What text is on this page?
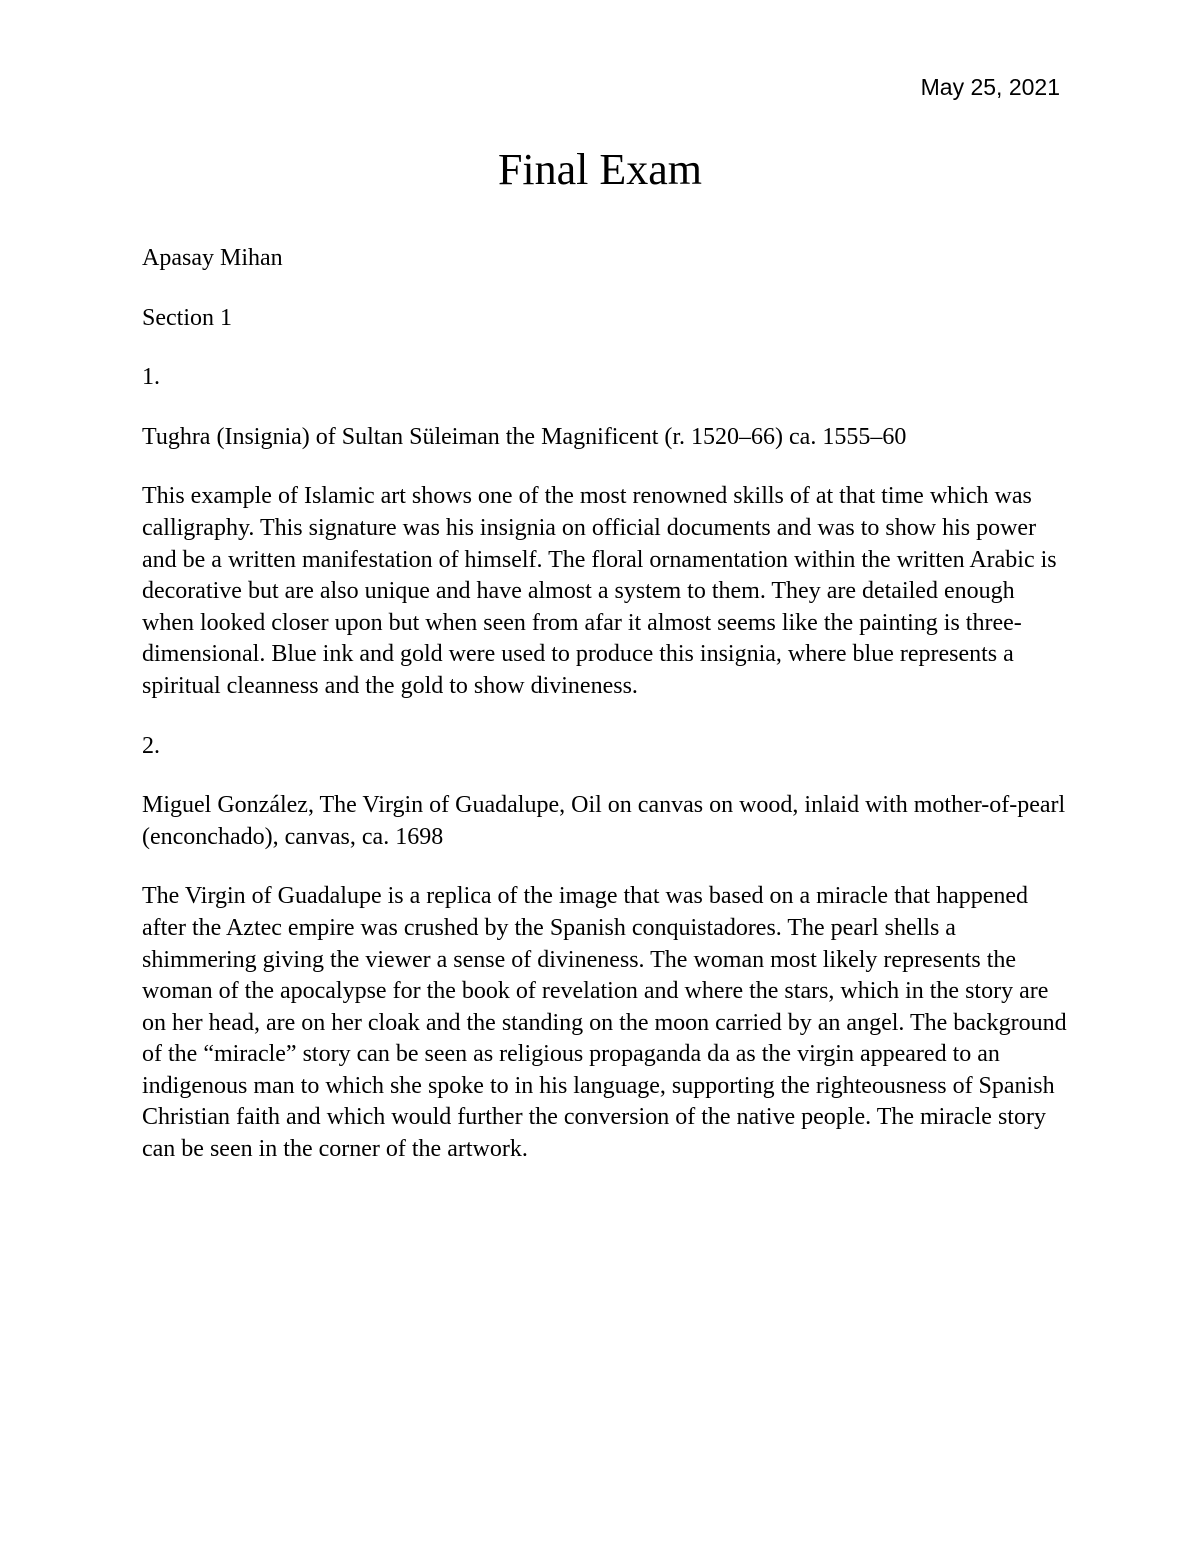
May 25, 2021
Final Exam

Apasay Mihan

Section 1

1.

Tughra (Insignia) of Sultan Süleiman the Magnificent (r. 1520–66) ca. 1555–60

This example of Islamic art shows one of the most renowned skills of at that time which was calligraphy. This signature was his insignia on official documents and was to show his power and be a written manifestation of himself. The floral ornamentation within the written Arabic is decorative but are also unique and have almost a system to them. They are detailed enough when looked closer upon but when seen from afar it almost seems like the painting is three-dimensional. Blue ink and gold were used to produce this insignia, where blue represents a spiritual cleanness and the gold to show divineness.

2.

Miguel González, The Virgin of Guadalupe, Oil on canvas on wood, inlaid with mother-of-pearl (enconchado), canvas, ca. 1698

The Virgin of Guadalupe is a replica of the image that was based on a miracle that happened after the Aztec empire was crushed by the Spanish conquistadores. The pearl shells a shimmering giving the viewer a sense of divineness. The woman most likely represents the woman of the apocalypse for the book of revelation and where the stars, which in the story are on her head, are on her cloak and the standing on the moon carried by an angel. The background of the “miracle” story can be seen as religious propaganda da as the virgin appeared to an indigenous man to which she spoke to in his language, supporting the righteousness of Spanish Christian faith and which would further the conversion of the native people. The miracle story can be seen in the corner of the artwork.
